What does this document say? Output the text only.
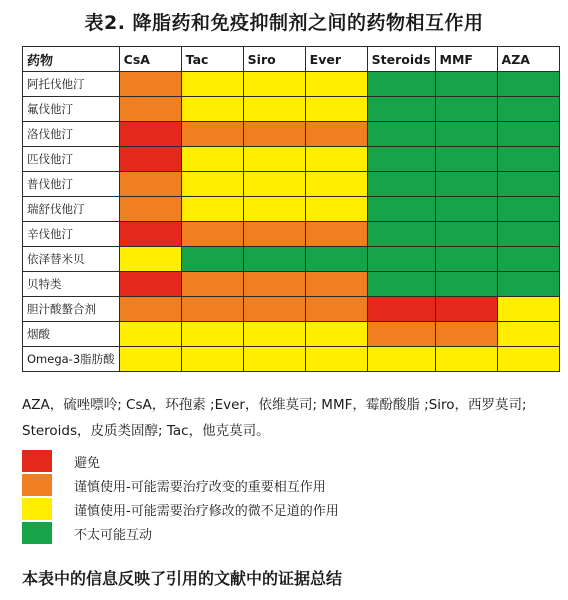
表2. 降脂药和免疫抑制剂之间的药物相互作用
药物	CsA	Tac	Siro	Ever	Steroids	MMF	AZA
阿托伐他汀							
氟伐他汀							
洛伐他汀							
匹伐他汀							
普伐他汀							
瑞舒伐他汀							
辛伐他汀							
依泽替米贝							
贝特类							
胆汁酸螯合剂							
烟酸							
Omega-3脂肪酸							
AZA，硫唑嘌呤; CsA，环孢素 ;Ever，依维莫司; MMF，霉酚酸脂 ;Siro，西罗莫司; Steroids，皮质类固醇; Tac，他克莫司。
避免
谨慎使用-可能需要治疗改变的重要相互作用
谨慎使用-可能需要治疗修改的微不足道的作用
不太可能互动
本表中的信息反映了引用的文献中的证据总结
